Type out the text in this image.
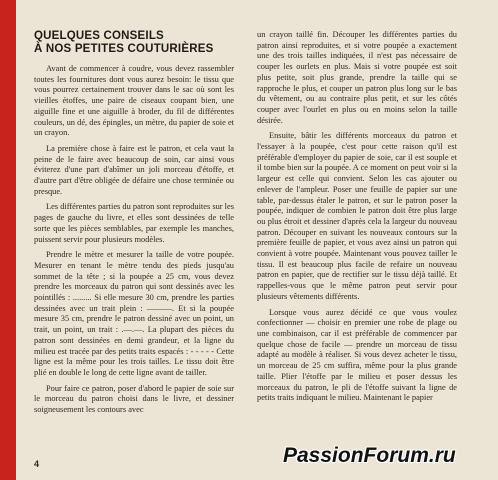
QUELQUES CONSEILS
À NOS PETITES COUTURIÈRES

Avant de commencer à coudre, vous devez rassembler toutes les fournitures dont vous aurez besoin: le tissu que vous pourrez certainement trouver dans le sac où sont les vieilles étoffes, une paire de ciseaux coupant bien, une aiguille fine et une aiguille à broder, du fil de différentes couleurs, un dé, des épingles, un mètre, du papier de soie et un crayon.

La première chose à faire est le patron, et cela vaut la peine de le faire avec beaucoup de soin, car ainsi vous éviterez d'une part d'abîmer un joli morceau d'étoffe, et d'autre part d'être obligée de défaire une chose terminée ou presque.

Les différentes parties du patron sont reproduites sur les pages de gauche du livre, et elles sont dessinées de telle sorte que les pièces semblables, par exemple les manches, puissent servir pour plusieurs modèles.

Prendre le mètre et mesurer la taille de votre poupée. Mesurer en tenant le mètre tendu des pieds jusqu'au sommet de la tête ; si la poupée a 25 cm, vous devez prendre les morceaux du patron qui sont dessinés avec les pointillés : ......... Si elle mesure 30 cm, prendre les parties dessinées avec un trait plein : ———. Et si la poupée mesure 35 cm, prendre le patron dessiné avec un point, un trait, un point, un trait : .—.—. La plupart des pièces du patron sont dessinées en demi grandeur, et la ligne du milieu est tracée par des petits traits espacés : - - - - - Cette ligne est la même pour les trois tailles. Le tissu doit être plié en double le long de cette ligne avant de tailler.

Pour faire ce patron, poser d'abord le papier de soie sur le morceau du patron choisi dans le livre, et dessiner soigneusement les contours avec

un crayon taillé fin. Découper les différentes parties du patron ainsi reproduites, et si votre poupée a exactement une des trois tailles indiquées, il n'est pas nécessaire de couper les ourlets en plus. Mais si votre poupée est soit plus petite, soit plus grande, prendre la taille qui se rapproche le plus, et couper un patron plus long sur le bas du vêtement, ou au contraire plus petit, et sur les côtés couper avec l'ourlet en plus ou en moins selon la taille désirée.

Ensuite, bâtir les différents morceaux du patron et l'essayer à la poupée, c'est pour cette raison qu'il est préférable d'employer du papier de soie, car il est souple et il tombe bien sur la poupée. A ce moment on peut voir si la largeur est celle qui convient. Selon les cas ajouter ou enlever de l'ampleur. Poser une feuille de papier sur une table, par-dessus étaler le patron, et sur le patron poser la poupée, indiquer de combien le patron doit être plus large ou plus étroit et dessiner d'après cela la largeur du nouveau patron. Découper en suivant les nouveaux contours sur la première feuille de papier, et vous avez ainsi un patron qui convient à votre poupée. Maintenant vous pouvez tailler le tissu. Il est beaucoup plus facile de refaire un nouveau patron en papier, que de rectifier sur le tissu déjà taillé. Et rappelles-vous que le même patron peut servir pour plusieurs vêtements différents.

Lorsque vous aurez décidé ce que vous voulez confectionner — choisir en premier une robe de plage ou une combinaison, car il est préférable de commencer par quelque chose de facile — prendre un morceau de tissu adapté au modèle à réaliser. Si vous devez acheter le tissu, un morceau de 25 cm suffira, même pour la plus grande taille. Plier l'étoffe par le milieu et poser dessus les morceaux du patron, le pli de l'étoffe suivant la ligne de petits traits indiquant le milieu. Maintenant le papier

4	PassionForum.ru
